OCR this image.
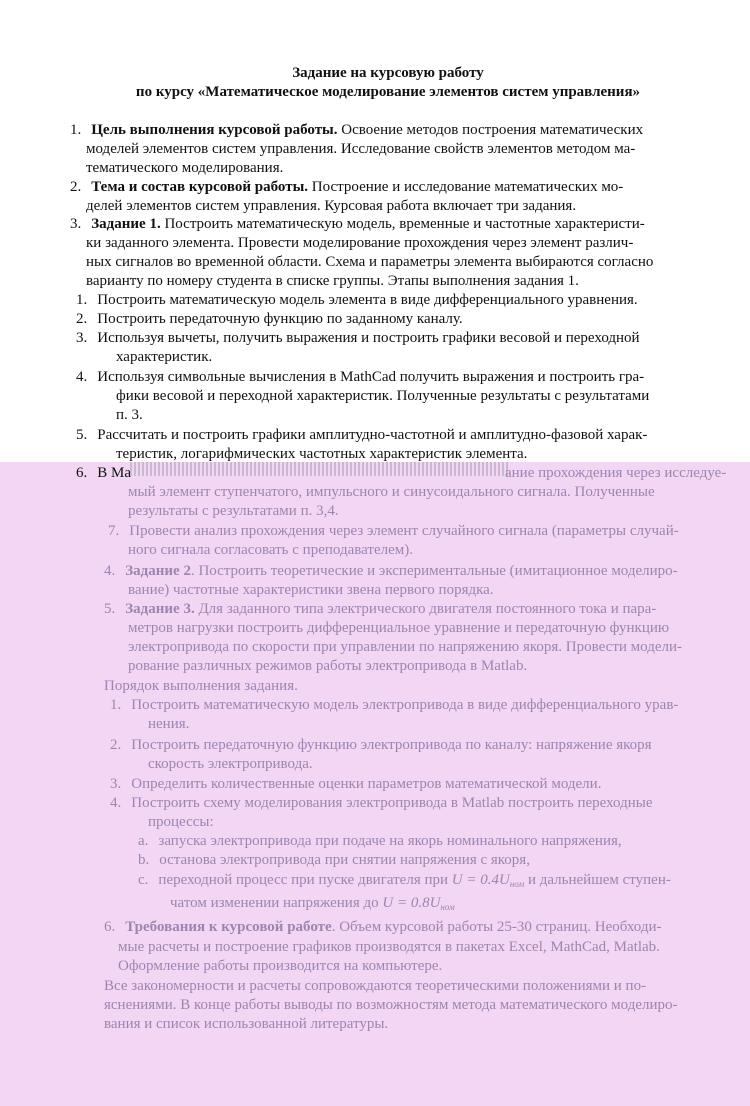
Задание на курсовую работу
по курсу «Математическое моделирование элементов систем управления»
1. Цель выполнения курсовой работы. Освоение методов построения математических
моделей элементов систем управления. Исследование свойств элементов методом ма-
тематического моделирования.
2. Тема и состав курсовой работы. Построение и исследование математических мо-
делей элементов систем управления. Курсовая работа включает три задания.
3. Задание 1. Построить математическую модель, временные и частотные характеристи-
ки заданного элемента. Провести моделирование прохождения через элемент различ-
ных сигналов во временной области. Схема и параметры элемента выбираются согласно
варианту по номеру студента в списке группы. Этапы выполнения задания 1.
1. Построить математическую модель элемента в виде дифференциального уравнения.
2. Построить передаточную функцию по заданному каналу.
3. Используя вычеты, получить выражения и построить графики весовой и переходной
характеристик.
4. Используя символьные вычисления в MathCad получить выражения и построить гра-
фики весовой и переходной характеристик. Полученные результаты с результатами
п. 3.
5. Рассчитать и построить графики амплитудно-частотной и амплитудно-фазовой харак-
теристик, логарифмических частотных характеристик элемента.
6. В Ma	ание прохождения через исследуе-
мый элемент ступенчатого, импульсного и синусоидального сигнала. Полученные
результаты с результатами п. 3,4.
7. Провести анализ прохождения через элемент случайного сигнала (параметры случай-
ного сигнала согласовать с преподавателем).
4. Задание 2. Построить теоретические и экспериментальные (имитационное моделиро-
вание) частотные характеристики звена первого порядка.
5. Задание 3. Для заданного типа электрического двигателя постоянного тока и пара-
метров нагрузки построить дифференциальное уравнение и передаточную функцию
электропривода по скорости при управлении по напряжению якоря. Провести модели-
рование различных режимов работы электропривода в Matlab.
Порядок выполнения задания.
1. Построить математическую модель электропривода в виде дифференциального урав-
нения.
2. Построить передаточную функцию электропривода по каналу: напряжение якоря
скорость электропривода.
3. Определить количественные оценки параметров математической модели.
4. Построить схему моделирования электропривода в Matlab построить переходные
процессы:
a. запуска электропривода при подаче на якорь номинального напряжения,
b. останова электропривода при снятии напряжения с якоря,
c. переходной процесс при пуске двигателя при $U = 0.4U_{ном}$ и дальнейшем ступен-
чатом изменении напряжения до $U = 0.8U_{ном}$
6. Требования к курсовой работе. Объем курсовой работы 25-30 страниц. Необходи-
мые расчеты и построение графиков производятся в пакетах Excel, MathCad, Matlab.
Оформление работы производится на компьютере.
Все закономерности и расчеты сопровождаются теоретическими положениями и по-
яснениями. В конце работы выводы по возможностям метода математического моделиро-
вания и список использованной литературы.
